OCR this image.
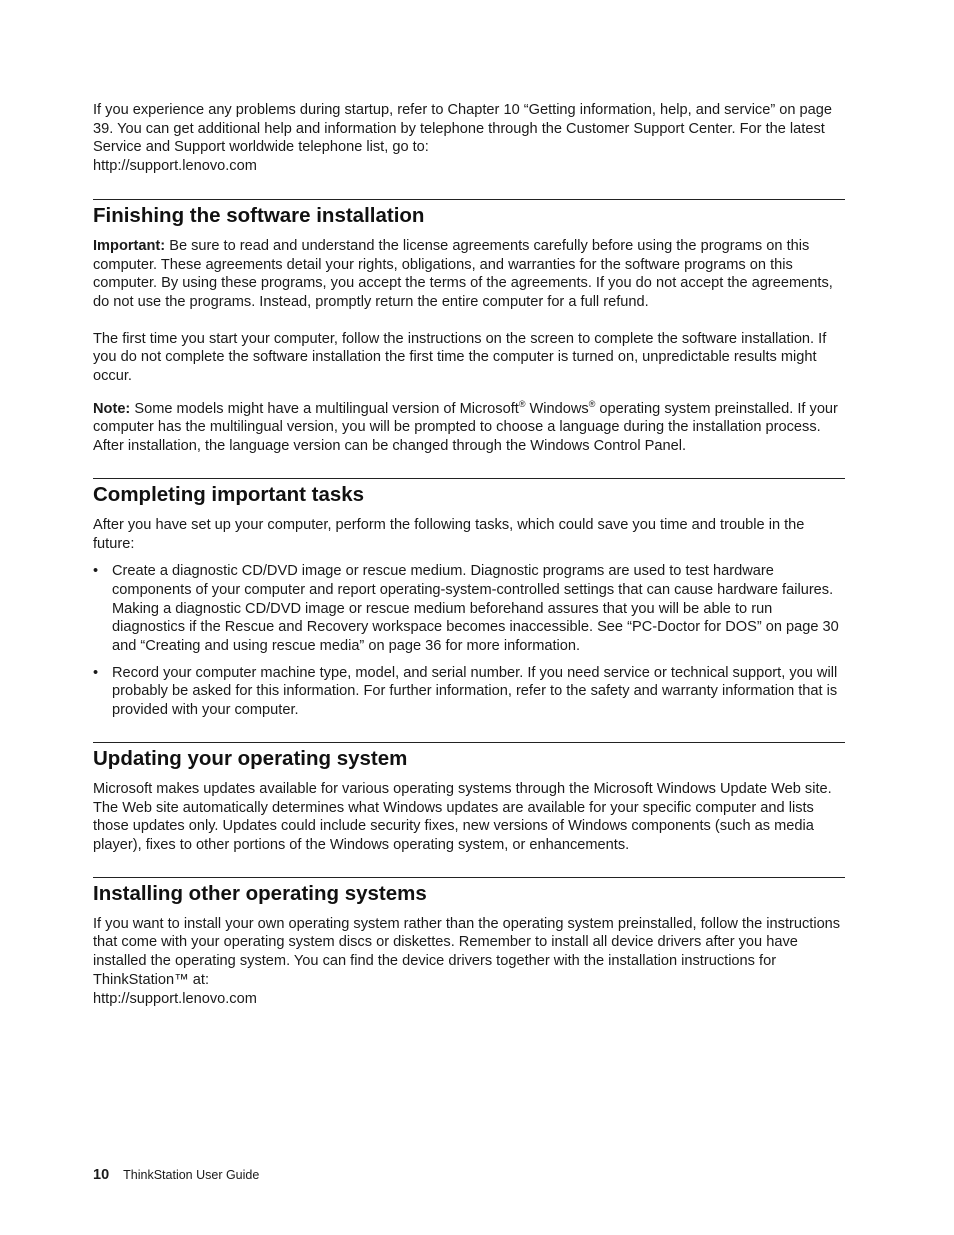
If you experience any problems during startup, refer to Chapter 10 “Getting information, help, and service” on page 39. You can get additional help and information by telephone through the Customer Support Center. For the latest Service and Support worldwide telephone list, go to:

http://support.lenovo.com

Finishing the software installation

Important: Be sure to read and understand the license agreements carefully before using the programs on this computer. These agreements detail your rights, obligations, and warranties for the software programs on this computer. By using these programs, you accept the terms of the agreements. If you do not accept the agreements, do not use the programs. Instead, promptly return the entire computer for a full refund.

The first time you start your computer, follow the instructions on the screen to complete the software installation. If you do not complete the software installation the first time the computer is turned on, unpredictable results might occur.

Note: Some models might have a multilingual version of Microsoft® Windows® operating system preinstalled. If your computer has the multilingual version, you will be prompted to choose a language during the installation process. After installation, the language version can be changed through the Windows Control Panel.

Completing important tasks

After you have set up your computer, perform the following tasks, which could save you time and trouble in the future:

• Create a diagnostic CD/DVD image or rescue medium. Diagnostic programs are used to test hardware components of your computer and report operating-system-controlled settings that can cause hardware failures. Making a diagnostic CD/DVD image or rescue medium beforehand assures that you will be able to run diagnostics if the Rescue and Recovery workspace becomes inaccessible. See “PC-Doctor for DOS” on page 30 and “Creating and using rescue media” on page 36 for more information.
• Record your computer machine type, model, and serial number. If you need service or technical support, you will probably be asked for this information. For further information, refer to the safety and warranty information that is provided with your computer.
Updating your operating system

Microsoft makes updates available for various operating systems through the Microsoft Windows Update Web site. The Web site automatically determines what Windows updates are available for your specific computer and lists those updates only. Updates could include security fixes, new versions of Windows components (such as media player), fixes to other portions of the Windows operating system, or enhancements.

Installing other operating systems

If you want to install your own operating system rather than the operating system preinstalled, follow the instructions that come with your operating system discs or diskettes. Remember to install all device drivers after you have installed the operating system. You can find the device drivers together with the installation instructions for ThinkStation™ at:

http://support.lenovo.com

10 ThinkStation User Guide
